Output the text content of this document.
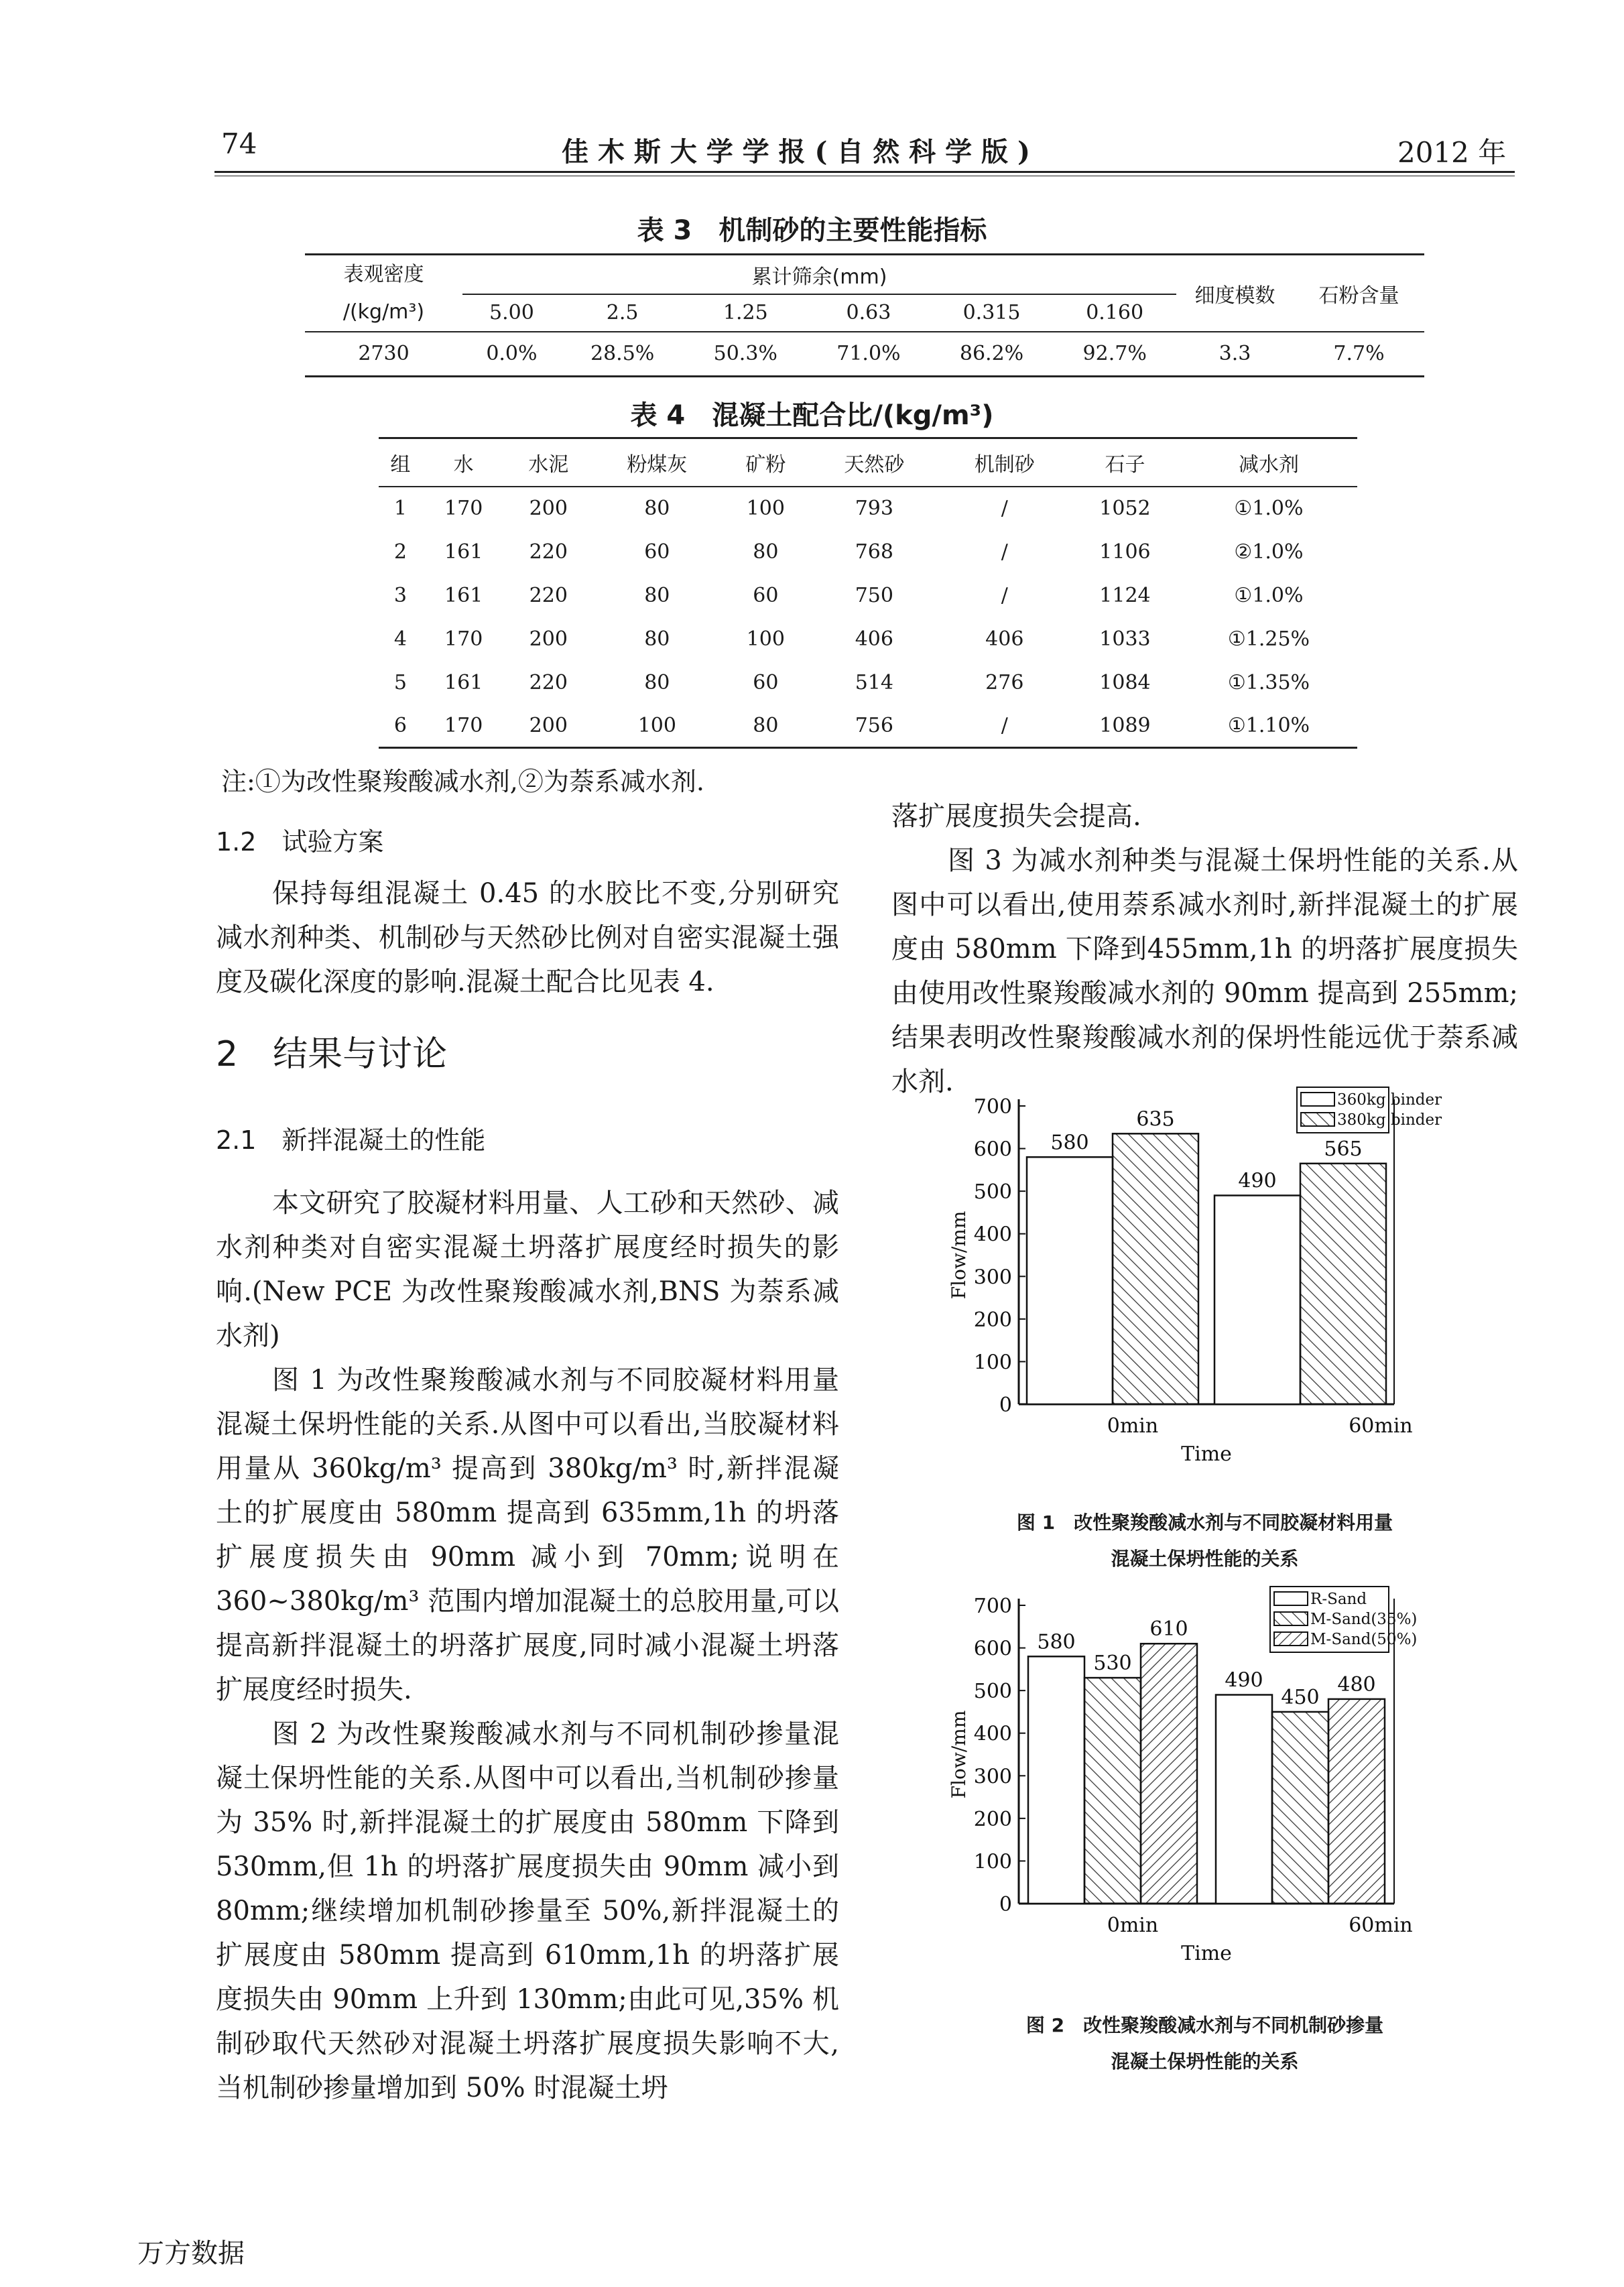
74	佳 木 斯 大 学 学 报 ( 自 然 科 学 版 )	2012 年
表 3　机制砂的主要性能指标
表观密度
/(kg/m³)	累计筛余(mm)						细度模数	石粉含量
	5.00	2.5	1.25	0.63	0.315	0.160		
2730	0.0%	28.5%	50.3%	71.0%	86.2%	92.7%	3.3	7.7%
表 4　混凝土配合比/(kg/m³)
组	水	水泥	粉煤灰	矿粉	天然砂	机制砂	石子	减水剂
1	170	200	80	100	793	/	1052	①1.0%
2	161	220	60	80	768	/	1106	②1.0%
3	161	220	80	60	750	/	1124	①1.0%
4	170	200	80	100	406	406	1033	①1.25%
5	161	220	80	60	514	276	1084	①1.35%
6	170	200	100	80	756	/	1089	①1.10%
注:①为改性聚羧酸减水剂,②为萘系减水剂.
1.2　试验方案

保持每组混凝土 0.45 的水胶比不变,分别研究减水剂种类、机制砂与天然砂比例对自密实混凝土强度及碳化深度的影响.混凝土配合比见表 4.

2　结果与讨论
2.1　新拌混凝土的性能

本文研究了胶凝材料用量、人工砂和天然砂、减水剂种类对自密实混凝土坍落扩展度经时损失的影响.(New PCE 为改性聚羧酸减水剂,BNS 为萘系减水剂)

图 1 为改性聚羧酸减水剂与不同胶凝材料用量混凝土保坍性能的关系.从图中可以看出,当胶凝材料用量从 360kg/m³ 提高到 380kg/m³ 时,新拌混凝土的扩展度由 580mm 提高到 635mm,1h 的坍落扩展度损失由 90mm 减小到 70mm;说明在 360~380kg/m³ 范围内增加混凝土的总胶用量,可以提高新拌混凝土的坍落扩展度,同时减小混凝土坍落扩展度经时损失.

图 2 为改性聚羧酸减水剂与不同机制砂掺量混凝土保坍性能的关系.从图中可以看出,当机制砂掺量为 35% 时,新拌混凝土的扩展度由 580mm 下降到 530mm,但 1h 的坍落扩展度损失由 90mm 减小到 80mm;继续增加机制砂掺量至 50%,新拌混凝土的扩展度由 580mm 提高到 610mm,1h 的坍落扩展度损失由 90mm 上升到 130mm;由此可见,35% 机制砂取代天然砂对混凝土坍落扩展度损失影响不大,当机制砂掺量增加到 50% 时混凝土坍

落扩展度损失会提高.

图 3 为减水剂种类与混凝土保坍性能的关系.从图中可以看出,使用萘系减水剂时,新拌混凝土的扩展度由 580mm 下降到455mm,1h 的坍落扩展度损失由使用改性聚羧酸减水剂的 90mm 提高到 255mm;结果表明改性聚羧酸减水剂的保坍性能远优于萘系减水剂.

0
100
200
300
400
500
600
700
Flow/mm
580
635
0min
490
565
60min
Time
360kg binder
380kg binder
图 1　改性聚羧酸减水剂与不同胶凝材料用量
混凝土保坍性能的关系
0
100
200
300
400
500
600
700
Flow/mm
580
530
610
0min
490
450
480
60min
Time
R-Sand
M-Sand(35%)
M-Sand(50%)
图 2　改性聚羧酸减水剂与不同机制砂掺量
混凝土保坍性能的关系
万方数据
